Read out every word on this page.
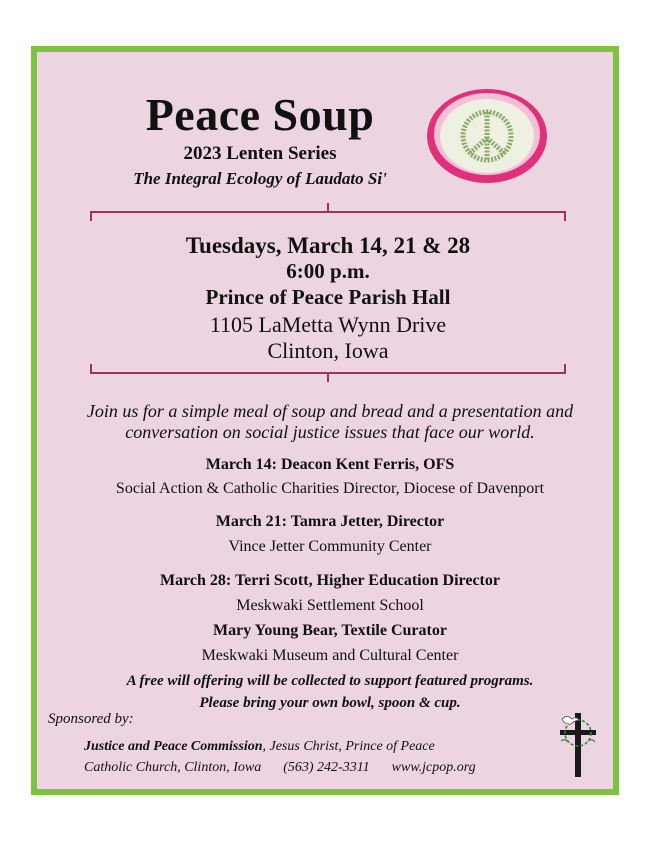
Peace Soup
2023 Lenten Series
The Integral Ecology of Laudato Si'
Tuesdays, March 14, 21 & 28
6:00 p.m.
Prince of Peace Parish Hall
1105 LaMetta Wynn Drive
Clinton, Iowa
Join us for a simple meal of soup and bread and a presentation and conversation on social justice issues that face our world.
March 14: Deacon Kent Ferris, OFS
Social Action & Catholic Charities Director, Diocese of Davenport
March 21: Tamra Jetter, Director
Vince Jetter Community Center
March 28: Terri Scott, Higher Education Director
Meskwaki Settlement School
Mary Young Bear, Textile Curator
Meskwaki Museum and Cultural Center
A free will offering will be collected to support featured programs.
Please bring your own bowl, spoon & cup.
Sponsored by:
Justice and Peace Commission, Jesus Christ, Prince of Peace
Catholic Church, Clinton, Iowa (563) 242-3311 www.jcpop.org
